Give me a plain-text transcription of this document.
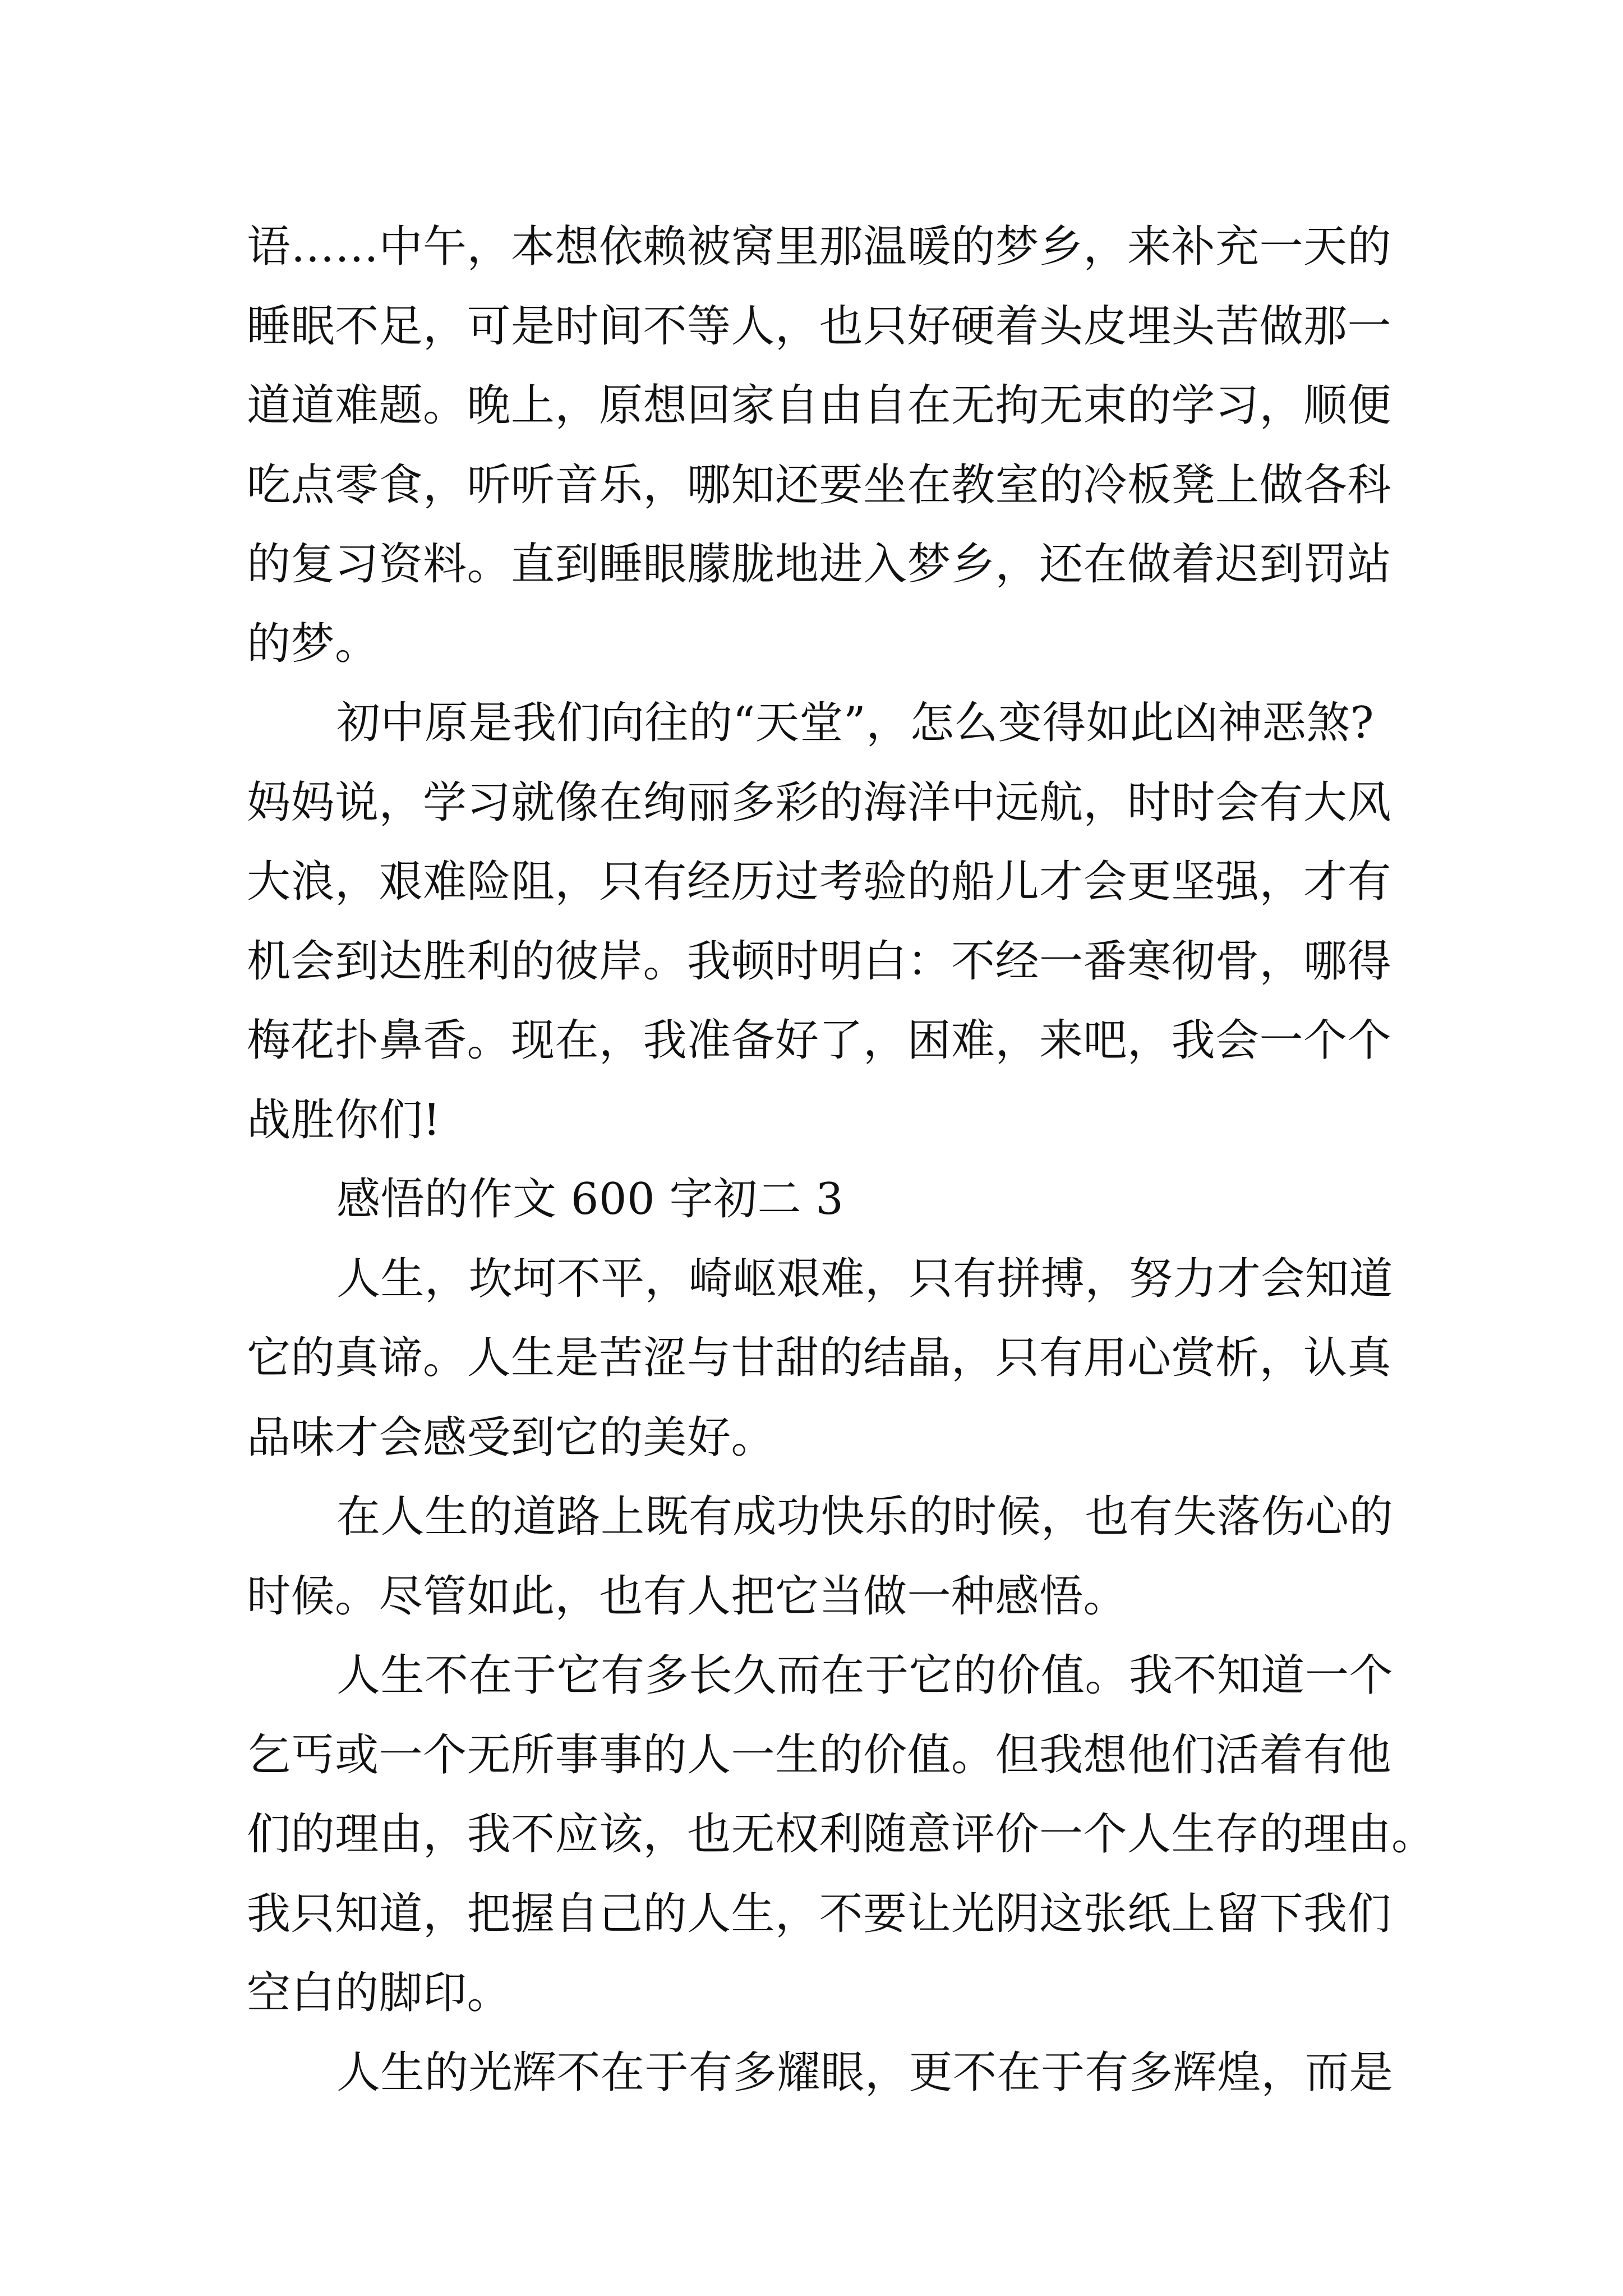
语……中午，本想依赖被窝里那温暖的梦乡，来补充一天的
睡眠不足，可是时间不等人，也只好硬着头皮埋头苦做那一
道道难题。晚上，原想回家自由自在无拘无束的学习，顺便
吃点零食，听听音乐，哪知还要坐在教室的冷板凳上做各科
的复习资料。直到睡眼朦胧地进入梦乡，还在做着迟到罚站
的梦。
初中原是我们向往的“天堂”，怎么变得如此凶神恶煞?
妈妈说，学习就像在绚丽多彩的海洋中远航，时时会有大风
大浪，艰难险阻，只有经历过考验的船儿才会更坚强，才有
机会到达胜利的彼岸。我顿时明白：不经一番寒彻骨，哪得
梅花扑鼻香。现在，我准备好了，困难，来吧，我会一个个
战胜你们!
感悟的作文 600 字初二 3
人生，坎坷不平，崎岖艰难，只有拼搏，努力才会知道
它的真谛。人生是苦涩与甘甜的结晶，只有用心赏析，认真
品味才会感受到它的美好。
在人生的道路上既有成功快乐的时候，也有失落伤心的
时候。尽管如此，也有人把它当做一种感悟。
人生不在于它有多长久而在于它的价值。我不知道一个
乞丐或一个无所事事的人一生的价值。但我想他们活着有他
们的理由，我不应该，也无权利随意评价一个人生存的理由。
我只知道，把握自己的人生，不要让光阴这张纸上留下我们
空白的脚印。
人生的光辉不在于有多耀眼，更不在于有多辉煌，而是
